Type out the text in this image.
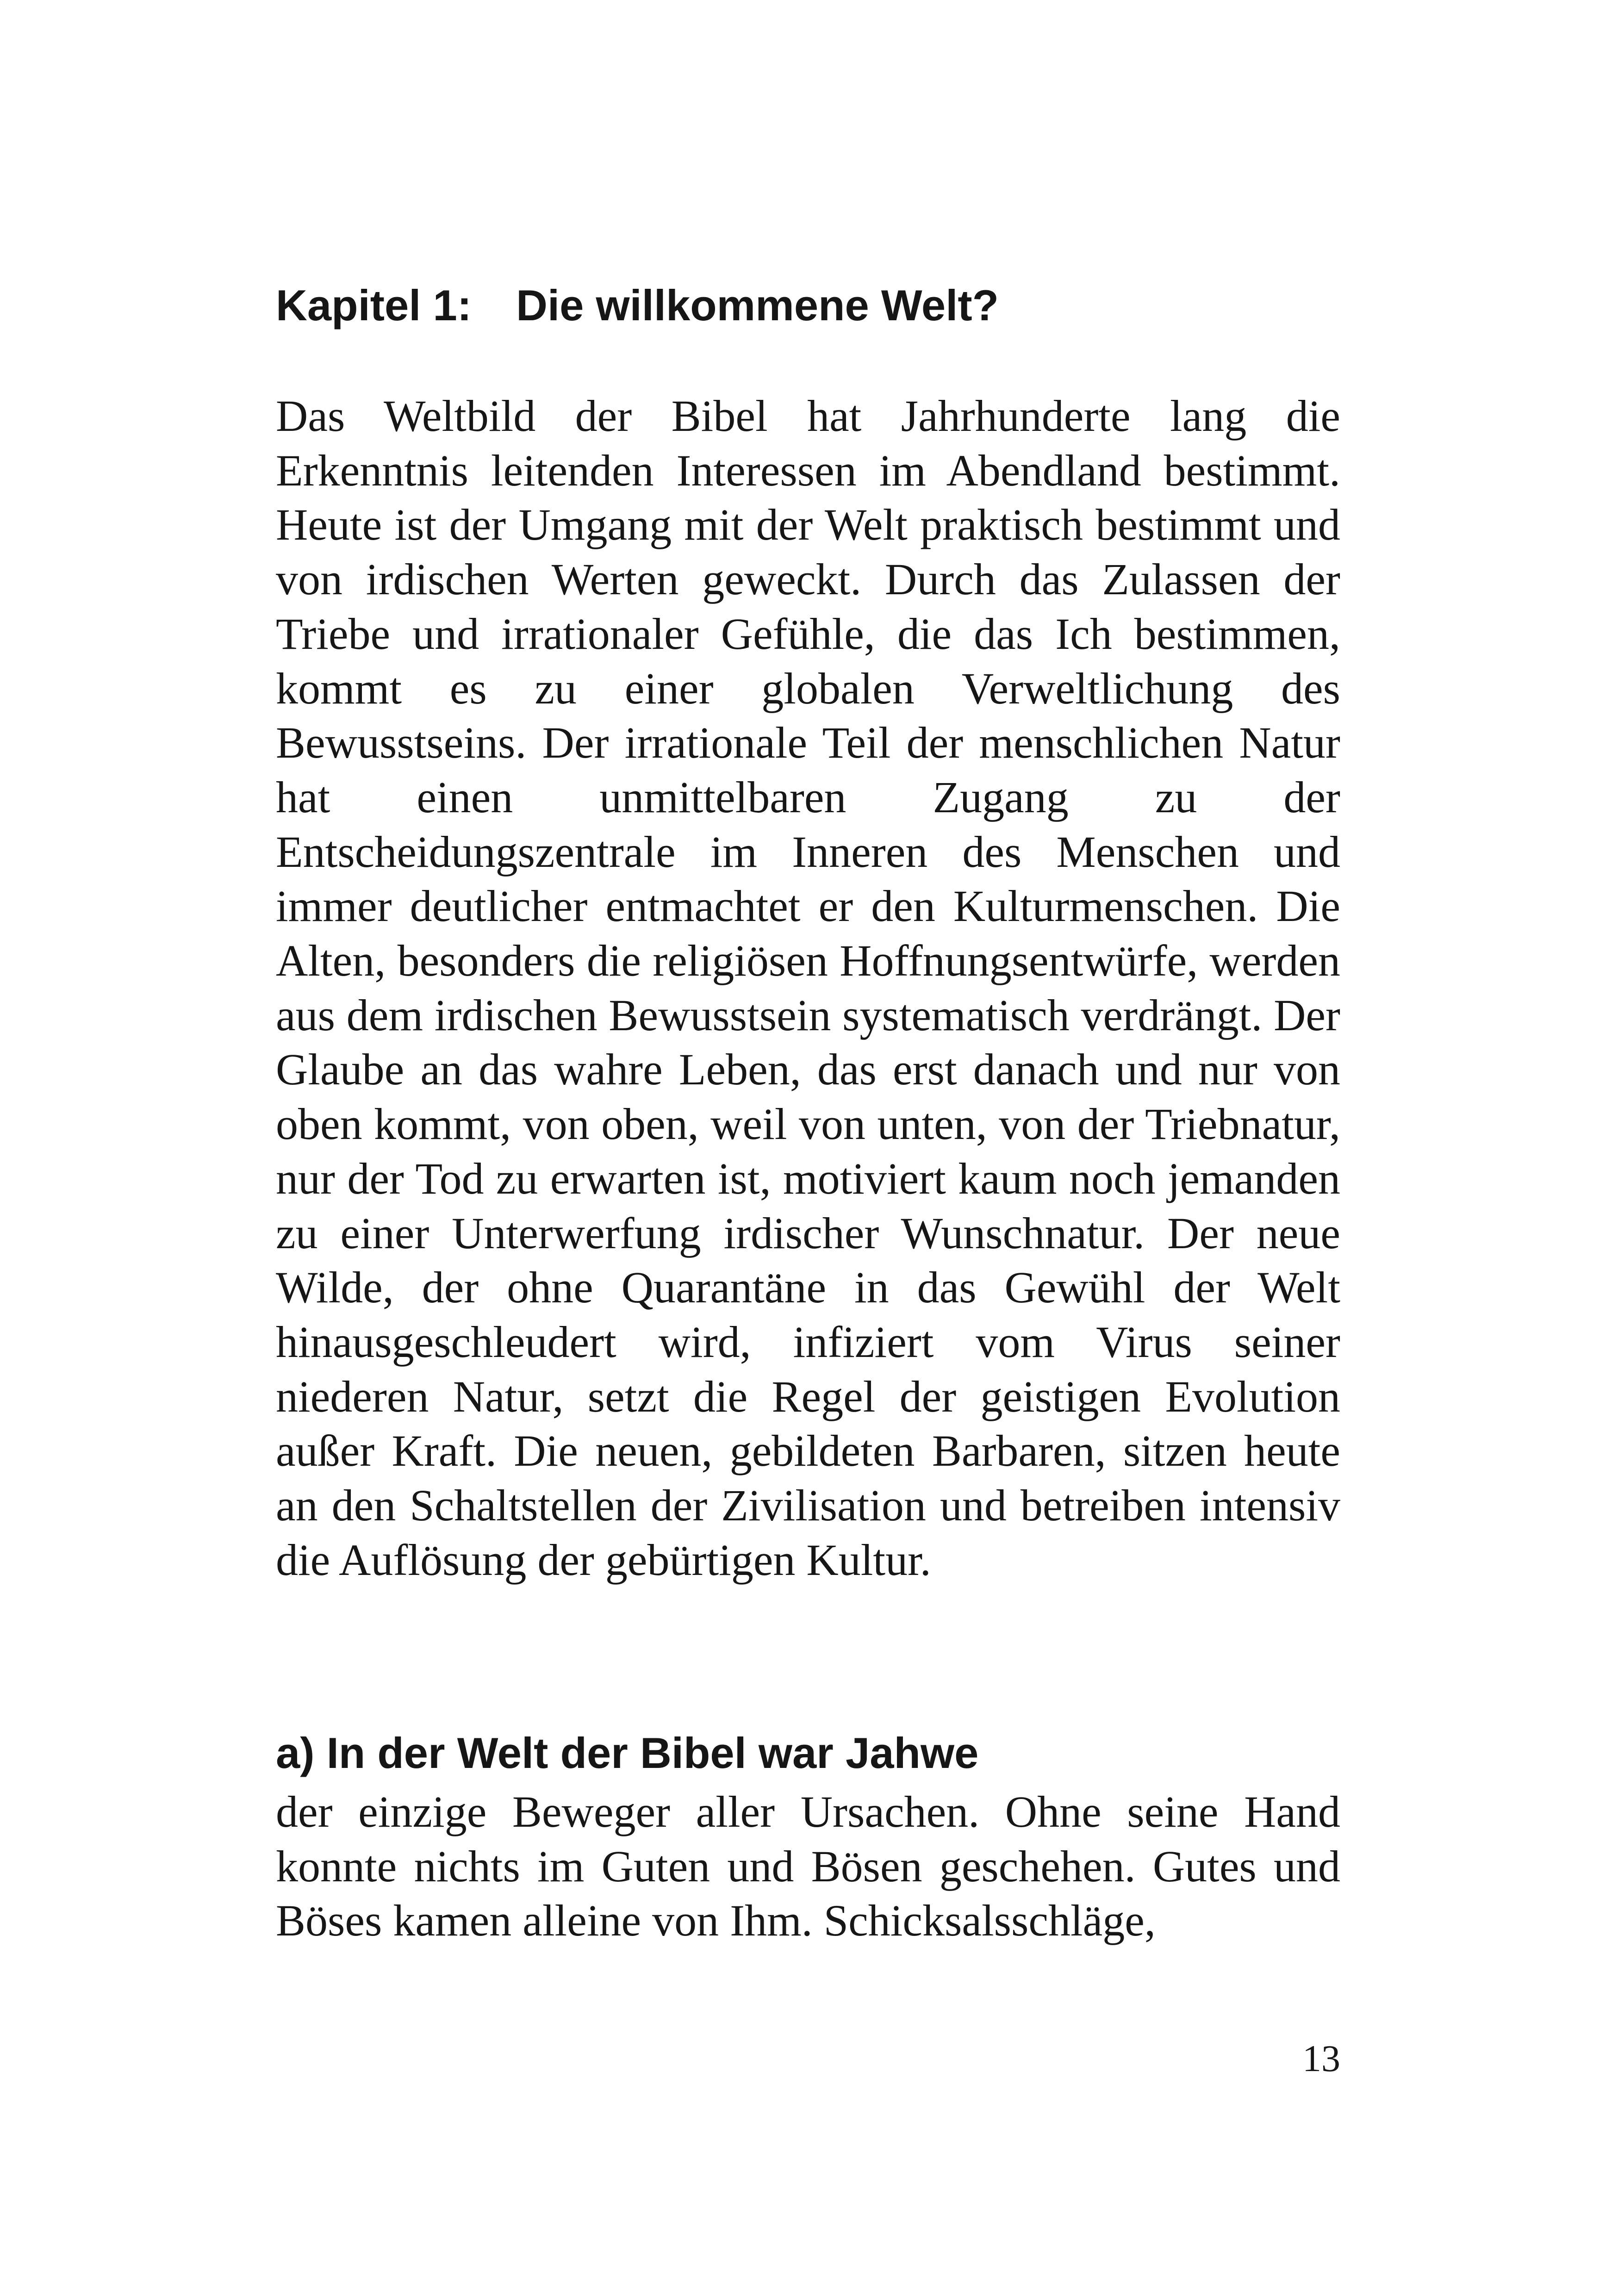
Kapitel 1: Die willkommene Welt?

Das Weltbild der Bibel hat Jahrhunderte lang die Erkenntnis leitenden Interessen im Abendland bestimmt. Heute ist der Umgang mit der Welt praktisch bestimmt und von irdischen Werten geweckt. Durch das Zulassen der Triebe und irrationaler Gefühle, die das Ich bestimmen, kommt es zu einer globalen Verweltlichung des Bewusstseins. Der irrationale Teil der menschlichen Natur hat einen unmittelbaren Zugang zu der Entscheidungszentrale im Inneren des Menschen und immer deutlicher entmachtet er den Kulturmenschen. Die Alten, besonders die religiösen Hoffnungsentwürfe, werden aus dem irdischen Bewusstsein systematisch verdrängt. Der Glaube an das wahre Leben, das erst danach und nur von oben kommt, von oben, weil von unten, von der Triebnatur, nur der Tod zu erwarten ist, motiviert kaum noch jemanden zu einer Unterwerfung irdischer Wunschnatur. Der neue Wilde, der ohne Quarantäne in das Gewühl der Welt hinausgeschleudert wird, infiziert vom Virus seiner niederen Natur, setzt die Regel der geistigen Evolution außer Kraft. Die neuen, gebildeten Barbaren, sitzen heute an den Schaltstellen der Zivilisation und betreiben intensiv die Auflösung der gebürtigen Kultur.

a) In der Welt der Bibel war Jahwe

der einzige Beweger aller Ursachen. Ohne seine Hand konnte nichts im Guten und Bösen geschehen. Gutes und Böses kamen alleine von Ihm. Schicksalsschläge,

13
